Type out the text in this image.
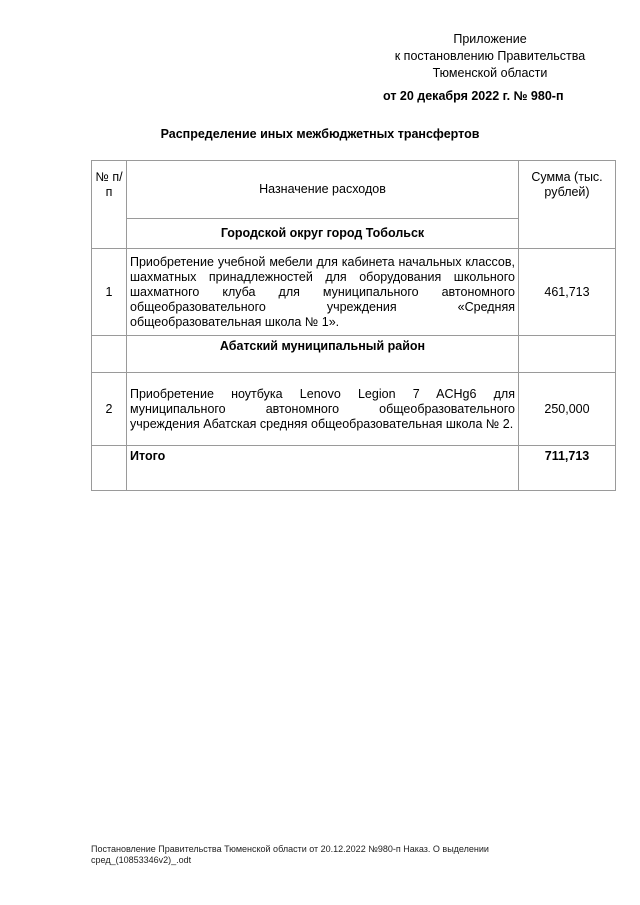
Приложение
к постановлению Правительства
Тюменской области
от 20 декабря 2022 г. № 980-п
Распределение иных межбюджетных трансфертов
№ п/п	Назначение расходов	Сумма (тыс. рублей)
	Городской округ город Тобольск	
1	Приобретение учебной мебели для кабинета начальных классов, шахматных принадлежностей для оборудования школьного шахматного клуба для муниципального автономного общеобразовательного учреждения «Средняя общеобразовательная школа № 1».	461,713
	Абатский муниципальный район	
2	Приобретение ноутбука Lenovo Legion 7 ACHg6 для муниципального автономного общеобразовательного учреждения Абатская средняя общеобразовательная школа № 2.	250,000
	Итого	711,713
Постановление Правительства Тюменской области от 20.12.2022 №980-п Наказ. О выделении сред_(10853346v2)_.odt
